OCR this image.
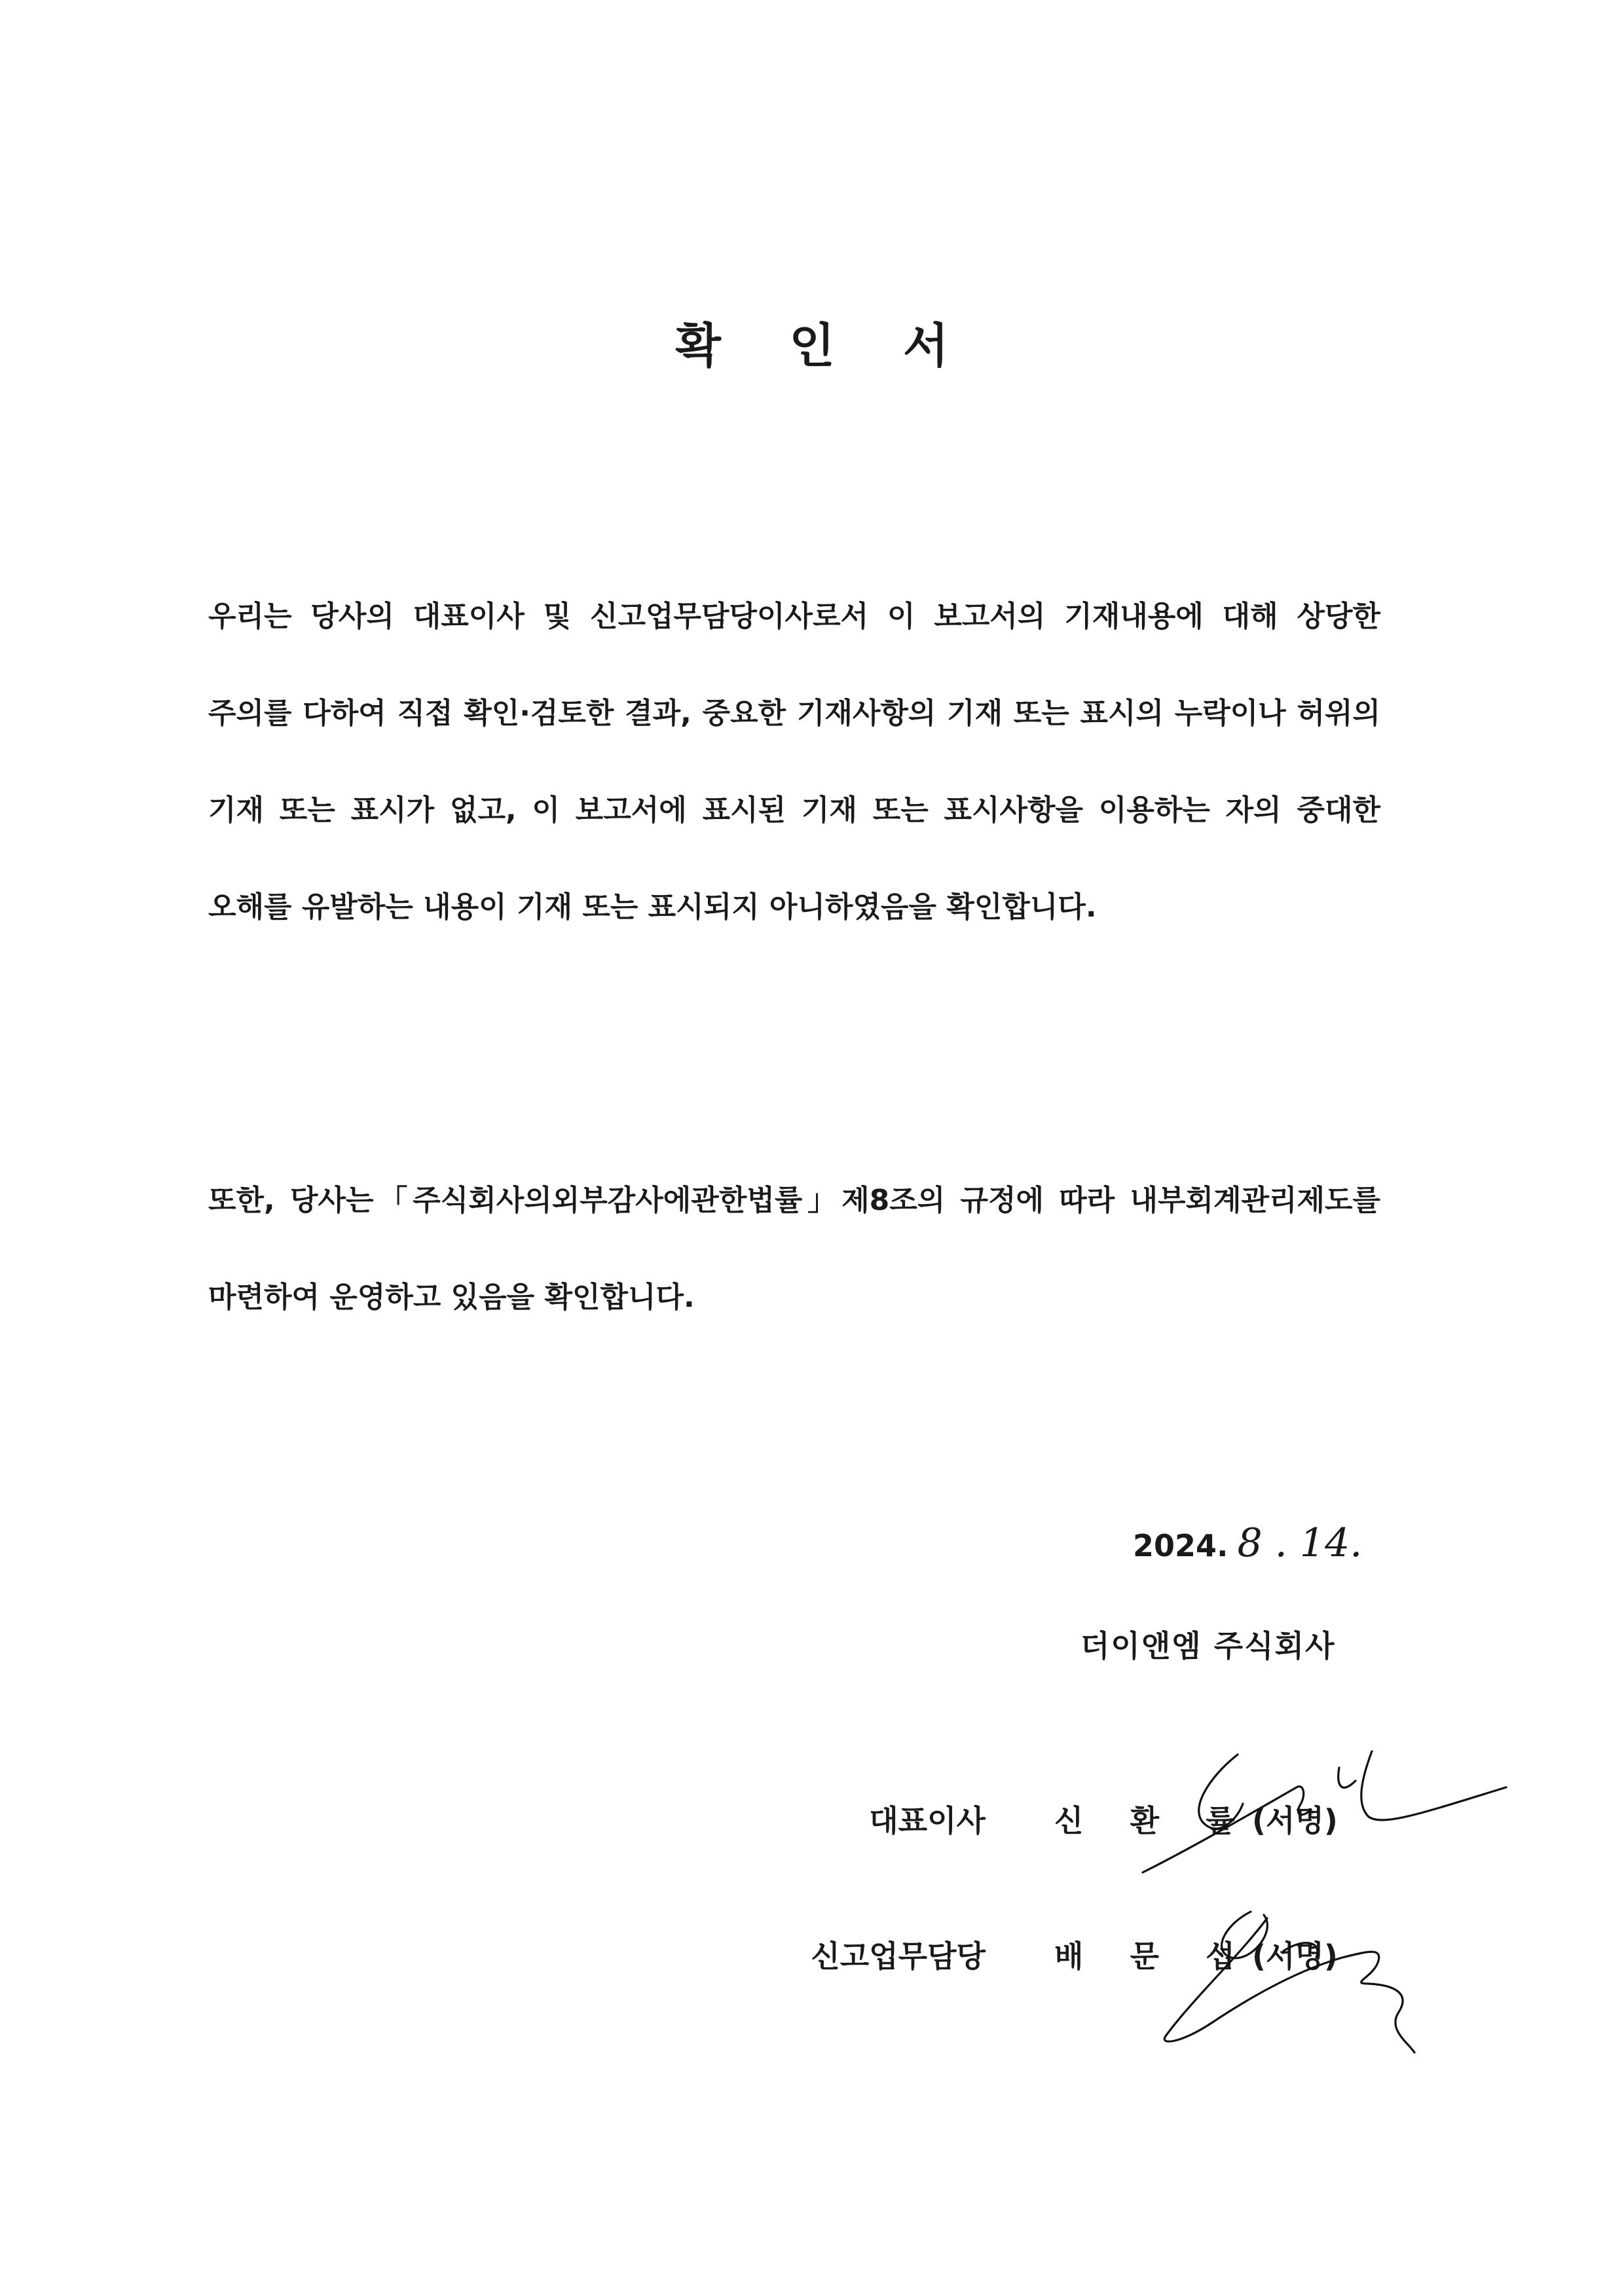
확 인 서
우리는 당사의 대표이사 및 신고업무담당이사로서 이 보고서의 기재내용에 대해 상당한 주의를 다하여 직접 확인·검토한 결과, 중요한 기재사항의 기재 또는 표시의 누락이나 허위의 기재 또는 표시가 없고, 이 보고서에 표시된 기재 또는 표시사항을 이용하는 자의 중대한 오해를 유발하는 내용이 기재 또는 표시되지 아니하였음을 확인합니다.
또한, 당사는「주식회사의외부감사에관한법률」제8조의 규정에 따라 내부회계관리제도를 마련하여 운영하고 있음을 확인합니다.
2024. 8 . 14.
더이앤엠 주식회사
대표이사 신 환 률
(서명)
신고업무담당 배 문 섭
(서명)
